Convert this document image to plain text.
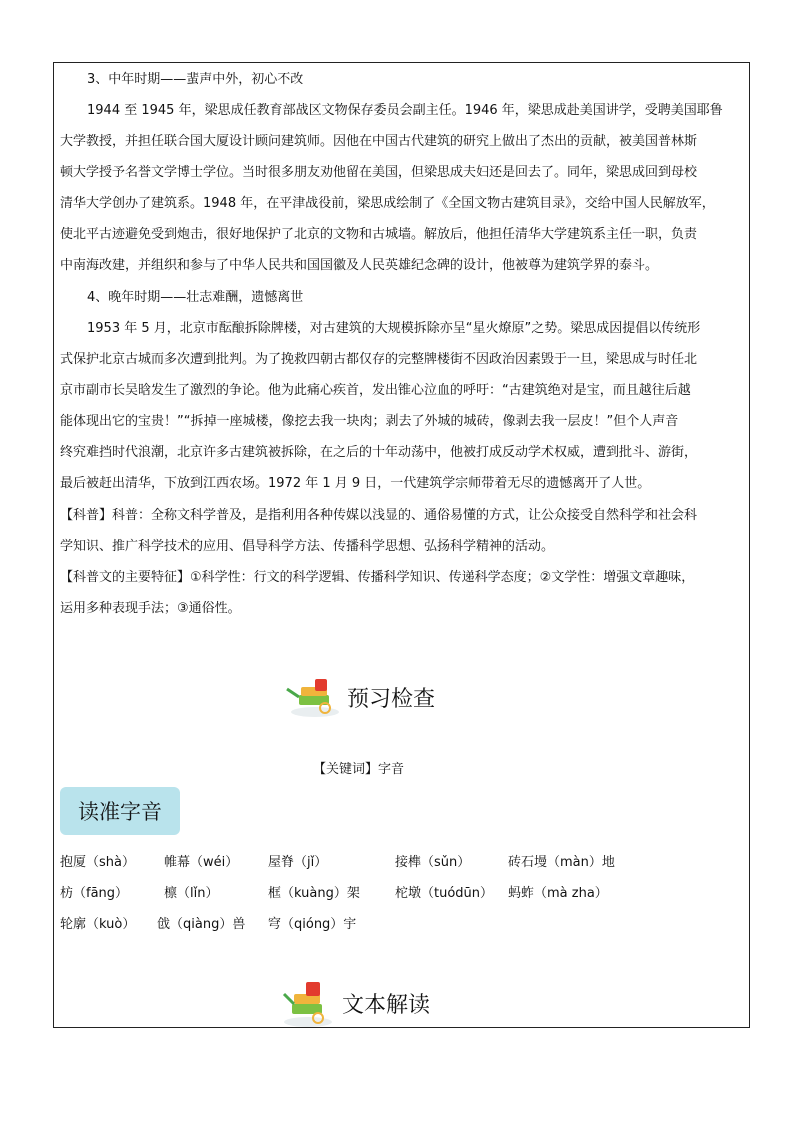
3、中年时期——蜚声中外，初心不改
1944 至 1945 年，梁思成任教育部战区文物保存委员会副主任。1946 年，梁思成赴美国讲学，受聘美国耶鲁
大学教授，并担任联合国大厦设计顾问建筑师。因他在中国古代建筑的研究上做出了杰出的贡献，被美国普林斯
顿大学授予名誉文学博士学位。当时很多朋友劝他留在美国，但梁思成夫妇还是回去了。同年，梁思成回到母校
清华大学创办了建筑系。1948 年，在平津战役前，梁思成绘制了《全国文物古建筑目录》，交给中国人民解放军，
使北平古迹避免受到炮击，很好地保护了北京的文物和古城墙。解放后，他担任清华大学建筑系主任一职，负责
中南海改建，并组织和参与了中华人民共和国国徽及人民英雄纪念碑的设计，他被尊为建筑学界的泰斗。
4、晚年时期——壮志难酬，遗憾离世
1953 年 5 月，北京市酝酿拆除牌楼，对古建筑的大规模拆除亦呈“星火燎原”之势。梁思成因提倡以传统形
式保护北京古城而多次遭到批判。为了挽救四朝古都仅存的完整牌楼街不因政治因素毁于一旦，梁思成与时任北
京市副市长吴晗发生了激烈的争论。他为此痛心疾首，发出锥心泣血的呼吁：“古建筑绝对是宝，而且越往后越
能体现出它的宝贵！”“拆掉一座城楼，像挖去我一块肉；剥去了外城的城砖，像剥去我一层皮！”但个人声音
终究难挡时代浪潮，北京许多古建筑被拆除，在之后的十年动荡中，他被打成反动学术权威，遭到批斗、游街，
最后被赶出清华，下放到江西农场。1972 年 1 月 9 日，一代建筑学宗师带着无尽的遗憾离开了人世。
【科普】科普：全称文科学普及，是指利用各种传媒以浅显的、通俗易懂的方式，让公众接受自然科学和社会科
学知识、推广科学技术的应用、倡导科学方法、传播科学思想、弘扬科学精神的活动。
【科普文的主要特征】①科学性：行文的科学逻辑、传播科学知识、传递科学态度；②文学性：增强文章趣味，
运用多种表现手法；③通俗性。
预习检查
【关键词】字音
读准字音
抱厦（shà） 帷幕（wéi） 屋脊（jǐ）	接榫（sǔn）	砖石墁（màn）地
枋（fāng）	檩（lǐn）	框（kuàng）架	柁墩（tuódūn） 蚂蚱（mà zha）
轮廓（kuò） 戗（qiàng）兽 穹（qióng）宇
文本解读
